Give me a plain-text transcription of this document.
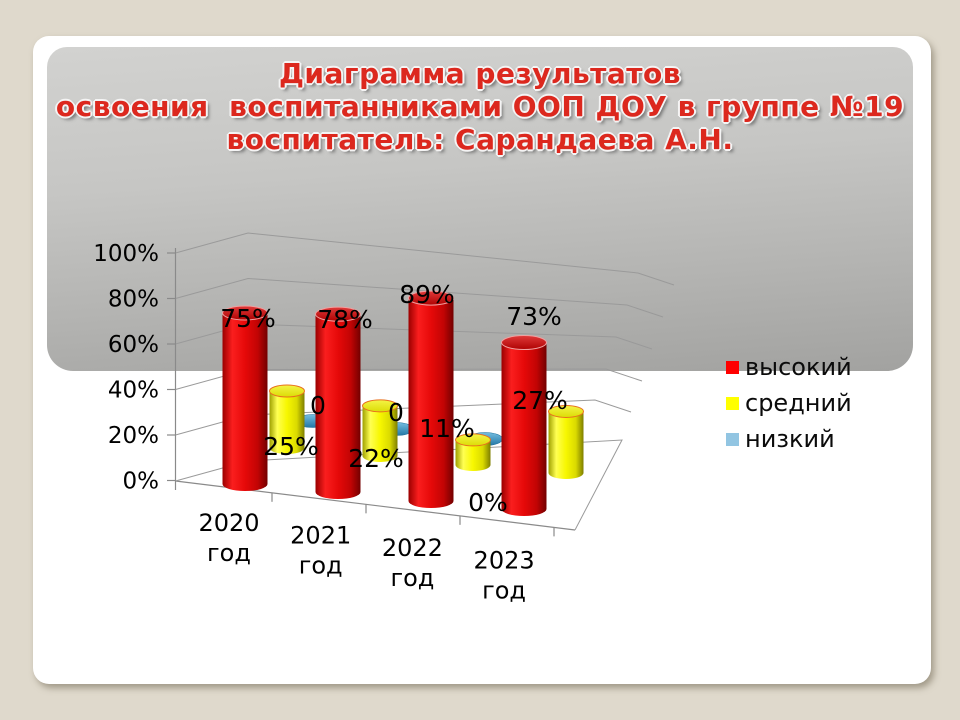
Диаграмма результатов
освоения  воспитанниками ООП ДОУ в группе №19
воспитатель: Сарандаева А.Н.
100%
80%
60%
40%
20%
0%
75% 78%
89%
73%
25% 22%
11%
27%
0 0
0%
2020
год
2021
год
2022
год
2023
год
высокий
средний
низкий
